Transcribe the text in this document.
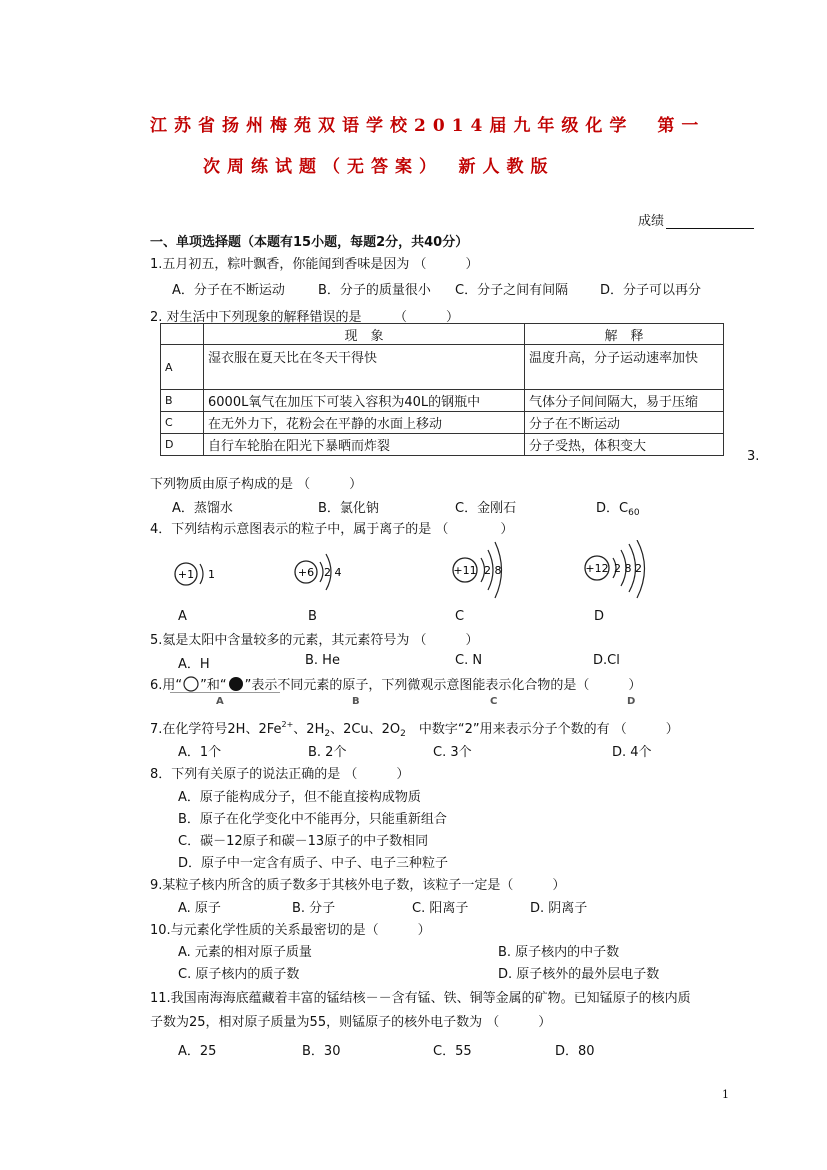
江苏省扬州梅苑双语学校2014届九年级化学　第一
次周练试题（无答案）　新人教版
成绩
一、单项选择题（本题有15小题，每题2分，共40分）
1.五月初五，粽叶飘香，你能闻到香味是因为 （　　　）
A．分子在不断运动	B．分子的质量很小 C．分子之间有间隔 D．分子可以再分
2. 对生活中下列现象的解释错误的是　　　（　　　）
	现　象	解　释
A	湿衣服在夏天比在冬天干得快	温度升高，分子运动速率加快
B	6000L氧气在加压下可装入容积为40L的钢瓶中	气体分子间间隔大，易于压缩
C	在无外力下，花粉会在平静的水面上移动	分子在不断运动
D	自行车轮胎在阳光下暴晒而炸裂	分子受热，体积变大
3.
下列物质由原子构成的是 （　　　）
A．蒸馏水	B．氯化钠	C．金刚石	D．$C_{60}$
4．下列结构示意图表示的粒子中，属于离子的是 （　　　　）
+1 1	+6 2 4	+11 2 8	+12 2 8 2
A	B	C	D
5.氦是太阳中含量较多的元素，其元素符号为 （　　　）
A．H	B. He	C. N	D.Cl
6.用“ ”和“ ”表示不同元素的原子，下列微观示意图能表示化合物的是（　　　）
A	B	C	D
7.在化学符号2H、$2Fe^{2+}$、$2H_2$、2Cu、$2O_2$　中数字“2”用来表示分子个数的有 （　　　）
A．1个	B. 2个	C. 3个	D. 4个
8．下列有关原子的说法正确的是 （　　　）
A．原子能构成分子，但不能直接构成物质
B．原子在化学变化中不能再分，只能重新组合
C．碳－12原子和碳－13原子的中子数相同
D．原子中一定含有质子、中子、电子三种粒子
9.某粒子核内所含的质子数多于其核外电子数，该粒子一定是（　　　）
A. 原子	B. 分子	C. 阳离子	D. 阴离子
10.与元素化学性质的关系最密切的是（　　　）
A. 元素的相对原子质量	B. 原子核内的中子数
C. 原子核内的质子数	D. 原子核外的最外层电子数
11.我国南海海底蕴藏着丰富的锰结核－－含有锰、铁、铜等金属的矿物。已知锰原子的核内质
子数为25，相对原子质量为55，则锰原子的核外电子数为 （　　　）
A．25	B．30	C．55	D．80
1
